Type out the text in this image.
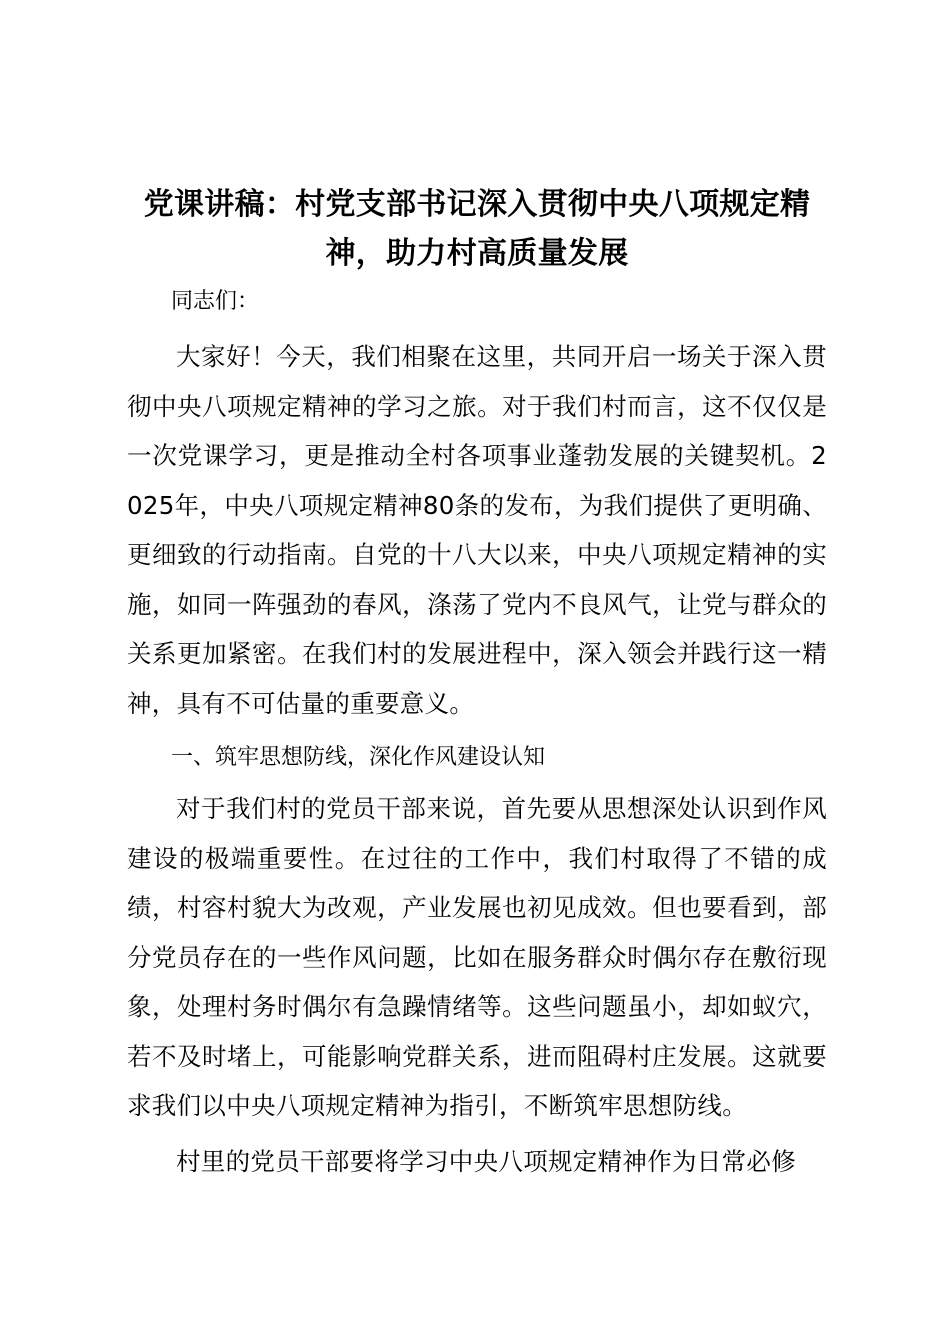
党课讲稿：村党支部书记深入贯彻中央八项规定精神，助力村高质量发展

同志们：

大家好！今天，我们相聚在这里，共同开启一场关于深入贯彻中央八项规定精神的学习之旅。对于我们村而言，这不仅仅是一次党课学习，更是推动全村各项事业蓬勃发展的关键契机。2025年，中央八项规定精神80条的发布，为我们提供了更明确、更细致的行动指南。自党的十八大以来，中央八项规定精神的实施，如同一阵强劲的春风，涤荡了党内不良风气，让党与群众的关系更加紧密。在我们村的发展进程中，深入领会并践行这一精神，具有不可估量的重要意义。

一、筑牢思想防线，深化作风建设认知

对于我们村的党员干部来说，首先要从思想深处认识到作风建设的极端重要性。在过往的工作中，我们村取得了不错的成绩，村容村貌大为改观，产业发展也初见成效。但也要看到，部分党员存在的一些作风问题，比如在服务群众时偶尔存在敷衍现象，处理村务时偶尔有急躁情绪等。这些问题虽小，却如蚁穴，若不及时堵上，可能影响党群关系，进而阻碍村庄发展。这就要求我们以中央八项规定精神为指引，不断筑牢思想防线。

村里的党员干部要将学习中央八项规定精神作为日常必修
